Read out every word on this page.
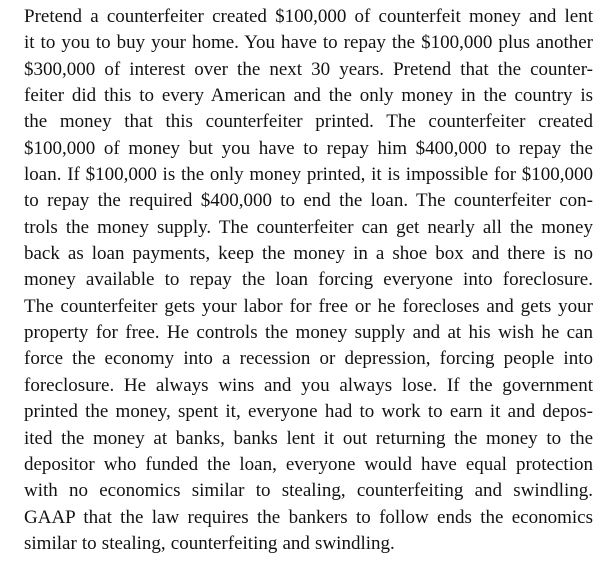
Pretend a counterfeiter created $100,000 of counterfeit money and lent
it to you to buy your home. You have to repay the $100,000 plus another
$300,000 of interest over the next 30 years. Pretend that the counter-
feiter did this to every American and the only money in the country is
the money that this counterfeiter printed. The counterfeiter created
$100,000 of money but you have to repay him $400,000 to repay the
loan. If $100,000 is the only money printed, it is impossible for $100,000
to repay the required $400,000 to end the loan. The counterfeiter con-
trols the money supply. The counterfeiter can get nearly all the money
back as loan payments, keep the money in a shoe box and there is no
money available to repay the loan forcing everyone into foreclosure.
The counterfeiter gets your labor for free or he forecloses and gets your
property for free. He controls the money supply and at his wish he can
force the economy into a recession or depression, forcing people into
foreclosure. He always wins and you always lose. If the government
printed the money, spent it, everyone had to work to earn it and depos-
ited the money at banks, banks lent it out returning the money to the
depositor who funded the loan, everyone would have equal protection
with no economics similar to stealing, counterfeiting and swindling.
GAAP that the law requires the bankers to follow ends the economics
similar to stealing, counterfeiting and swindling.
